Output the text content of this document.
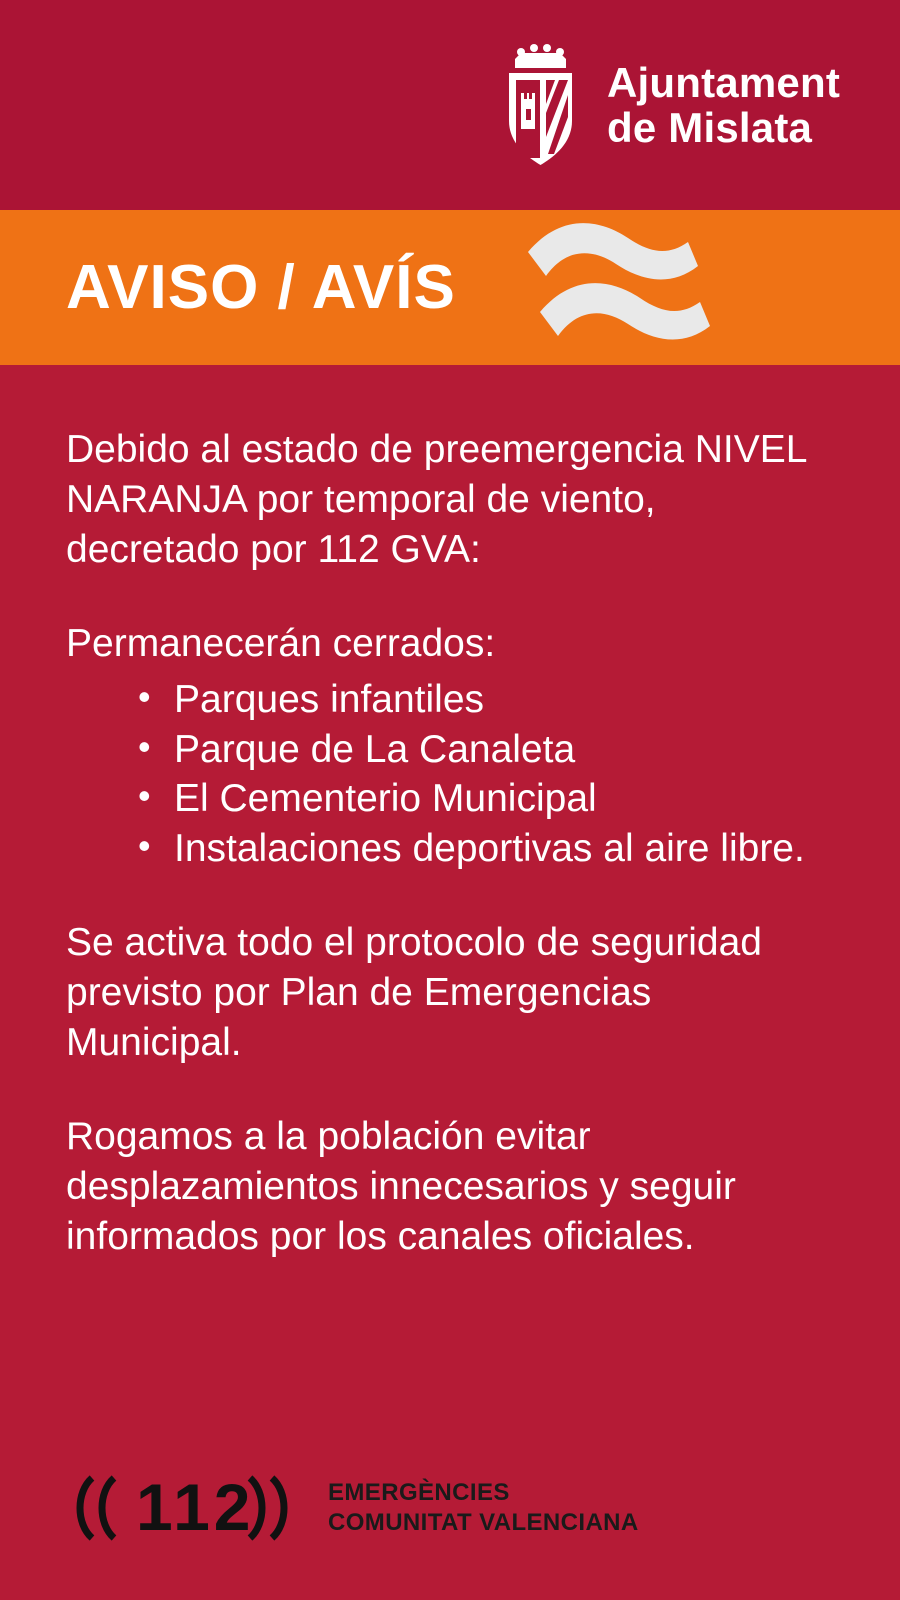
Ajuntament
de Mislata
AVISO / AVÍS

Debido al estado de preemergencia NIVEL NARANJA por temporal de viento, decretado por 112 GVA:

Permanecerán cerrados:

• Parques infantiles
• Parque de La Canaleta
• El Cementerio Municipal
• Instalaciones deportivas al aire libre.

Se activa todo el protocolo de seguridad previsto por Plan de Emergencias Municipal.

Rogamos a la población evitar desplazamientos innecesarios y seguir informados por los canales oficiales.

112	EMERGÈNCIES
COMUNITAT VALENCIANA
